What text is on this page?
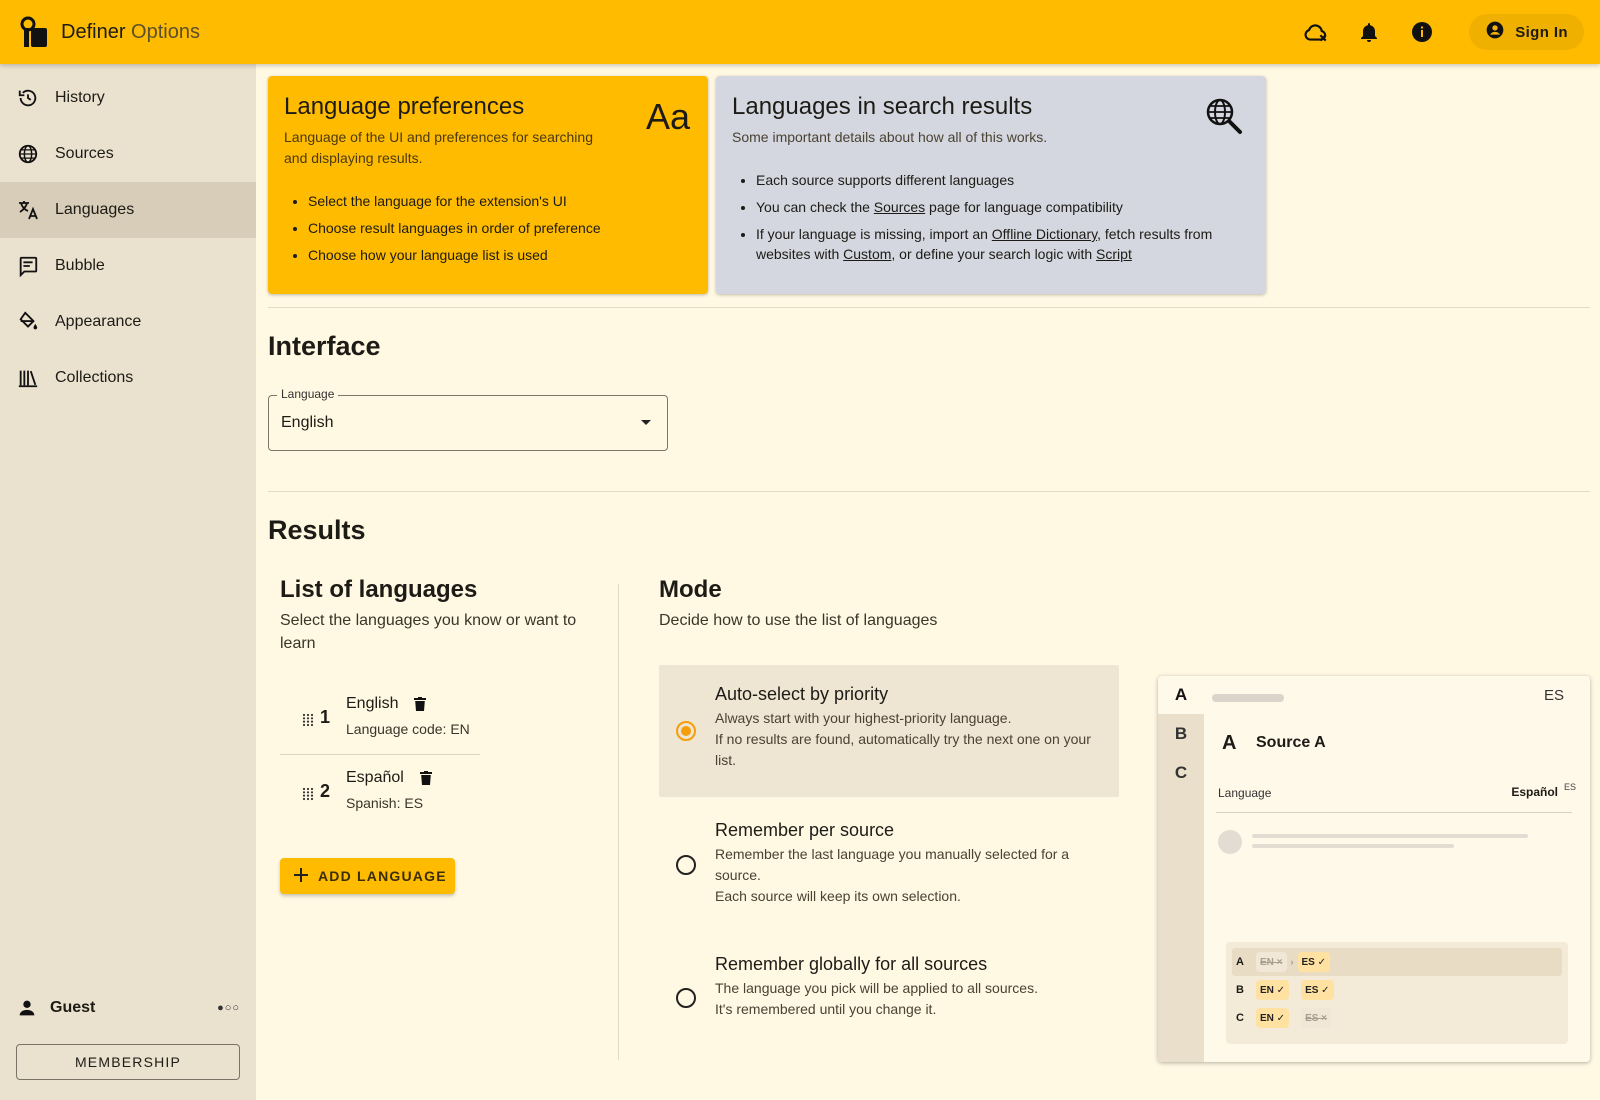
Definer Options	Sign In
History
Sources
Languages
Bubble
Appearance
Collections
Guest	●○○
MEMBERSHIP
Language preferences
Language of the UI and preferences for searching and displaying results.
Aa
• Select the language for the extension's UI
• Choose result languages in order of preference
• Choose how your language list is used
Languages in search results
Some important details about how all of this works.
• Each source supports different languages
• You can check the Sources page for language compatibility
• If your language is missing, import an Offline Dictionary, fetch results from websites with Custom, or define your search logic with Script
Interface
Language
English
Results
List of languages
Select the languages you know or want to learn
1
English
Language code: EN
2
Español
Spanish: ES
ADD LANGUAGE
Mode
Decide how to use the list of languages
Auto-select by priority
Always start with your highest-priority language.
If no results are found, automatically try the next one on your list.
Remember per source
Remember the last language you manually selected for a source.
Each source will keep its own selection.
Remember globally for all sources
The language you pick will be applied to all sources.
It's remembered until you change it.
A
B
C
ES
A Source A
Language	Español ES
A	EN × › ES ✓
B	EN ✓	ES ✓
C	EN ✓	ES ×
